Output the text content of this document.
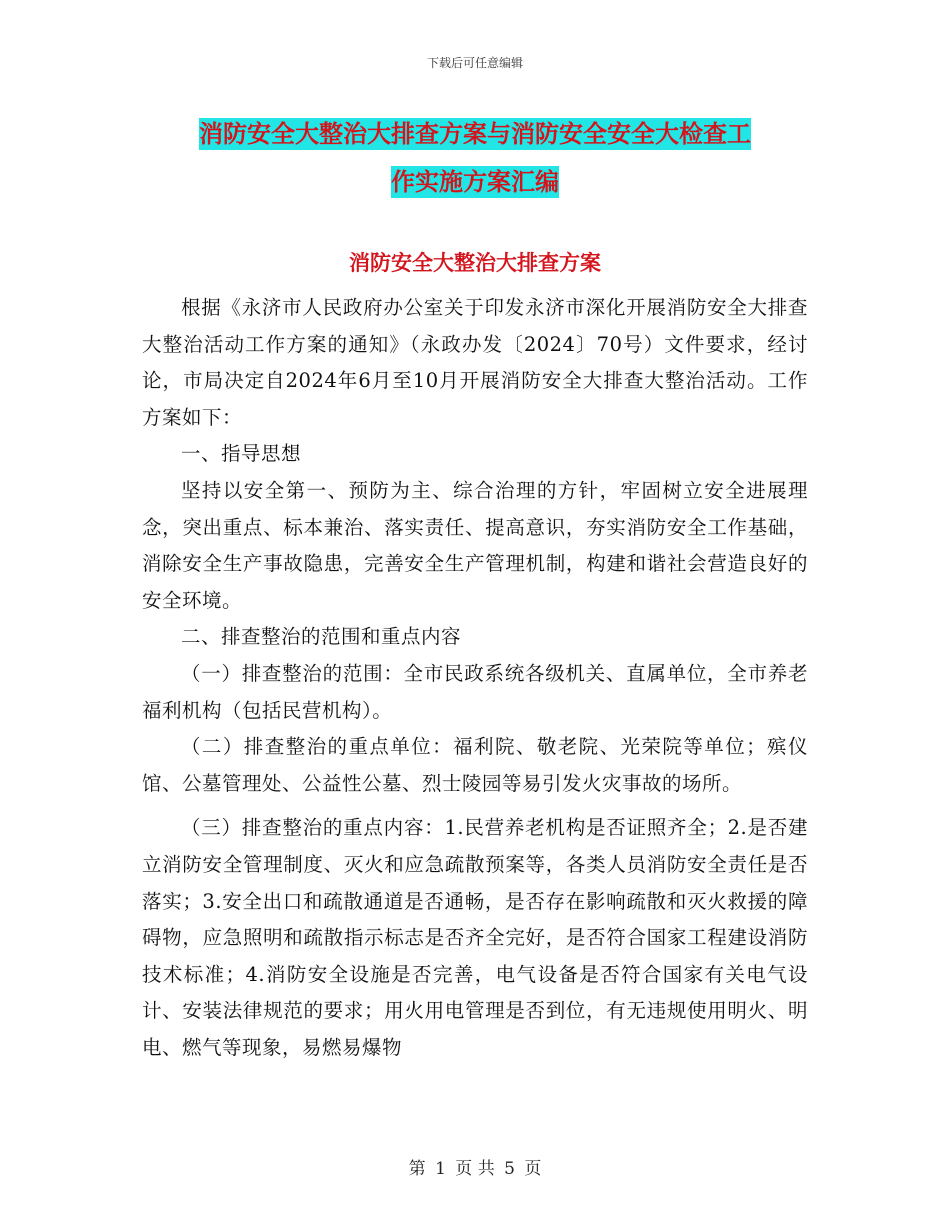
下载后可任意编辑
消防安全大整治大排查方案与消防安全安全大检查工
作实施方案汇编
消防安全大整治大排查方案

根据《永济市人民政府办公室关于印发永济市深化开展消防安全大排查大整治活动工作方案的通知》（永政办发〔2024〕70号）文件要求，经讨论，市局决定自2024年6月至10月开展消防安全大排查大整治活动。工作方案如下：

一、指导思想

坚持以安全第一、预防为主、综合治理的方针，牢固树立安全进展理念，突出重点、标本兼治、落实责任、提高意识，夯实消防安全工作基础，消除安全生产事故隐患，完善安全生产管理机制，构建和谐社会营造良好的安全环境。

二、排查整治的范围和重点内容

（一）排查整治的范围：全市民政系统各级机关、直属单位，全市养老福利机构（包括民营机构）。

（二）排查整治的重点单位：福利院、敬老院、光荣院等单位；殡仪馆、公墓管理处、公益性公墓、烈士陵园等易引发火灾事故的场所。

（三）排查整治的重点内容：1.民营养老机构是否证照齐全；2.是否建立消防安全管理制度、灭火和应急疏散预案等，各类人员消防安全责任是否落实；3.安全出口和疏散通道是否通畅，是否存在影响疏散和灭火救援的障碍物，应急照明和疏散指示标志是否齐全完好，是否符合国家工程建设消防技术标准；4.消防安全设施是否完善，电气设备是否符合国家有关电气设计、安装法律规范的要求；用火用电管理是否到位，有无违规使用明火、明电、燃气等现象，易燃易爆物

第 1 页 共 5 页
